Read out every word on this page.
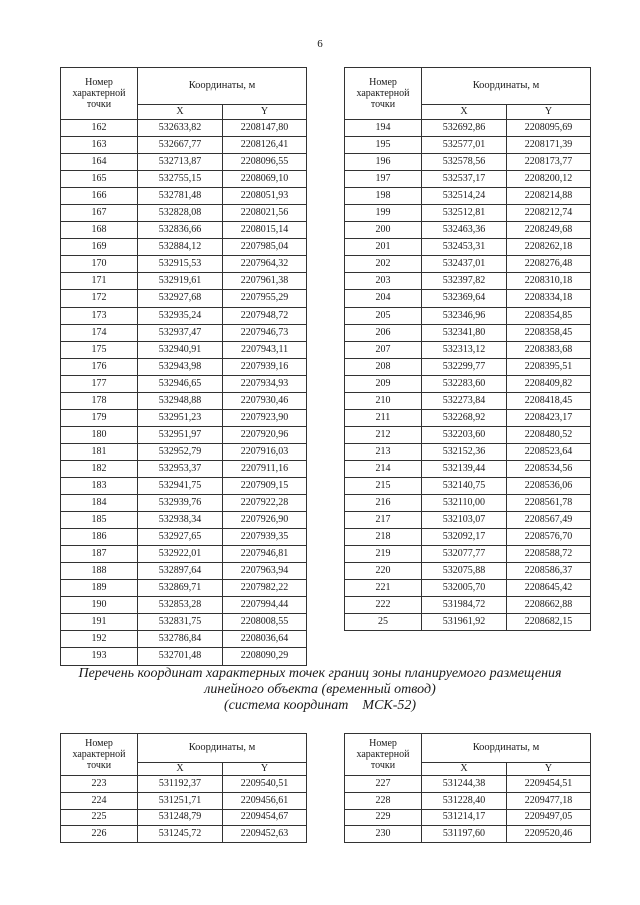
6
Номер характерной точки	Координаты, м	
	X	Y
162	532633,82	2208147,80
163	532667,77	2208126,41
164	532713,87	2208096,55
165	532755,15	2208069,10
166	532781,48	2208051,93
167	532828,08	2208021,56
168	532836,66	2208015,14
169	532884,12	2207985,04
170	532915,53	2207964,32
171	532919,61	2207961,38
172	532927,68	2207955,29
173	532935,24	2207948,72
174	532937,47	2207946,73
175	532940,91	2207943,11
176	532943,98	2207939,16
177	532946,65	2207934,93
178	532948,88	2207930,46
179	532951,23	2207923,90
180	532951,97	2207920,96
181	532952,79	2207916,03
182	532953,37	2207911,16
183	532941,75	2207909,15
184	532939,76	2207922,28
185	532938,34	2207926,90
186	532927,65	2207939,35
187	532922,01	2207946,81
188	532897,64	2207963,94
189	532869,71	2207982,22
190	532853,28	2207994,44
191	532831,75	2208008,55
192	532786,84	2208036,64
193	532701,48	2208090,29
Номер характерной точки	Координаты, м	
	X	Y
194	532692,86	2208095,69
195	532577,01	2208171,39
196	532578,56	2208173,77
197	532537,17	2208200,12
198	532514,24	2208214,88
199	532512,81	2208212,74
200	532463,36	2208249,68
201	532453,31	2208262,18
202	532437,01	2208276,48
203	532397,82	2208310,18
204	532369,64	2208334,18
205	532346,96	2208354,85
206	532341,80	2208358,45
207	532313,12	2208383,68
208	532299,77	2208395,51
209	532283,60	2208409,82
210	532273,84	2208418,45
211	532268,92	2208423,17
212	532203,60	2208480,52
213	532152,36	2208523,64
214	532139,44	2208534,56
215	532140,75	2208536,06
216	532110,00	2208561,78
217	532103,07	2208567,49
218	532092,17	2208576,70
219	532077,77	2208588,72
220	532075,88	2208586,37
221	532005,70	2208645,42
222	531984,72	2208662,88
25	531961,92	2208682,15
Перечень координат характерных точек границ зоны планируемого размещения
линейного объекта (временный отвод)
(система координат    МСК-52)
Номер характерной точки	Координаты, м	
	X	Y
223	531192,37	2209540,51
224	531251,71	2209456,61
225	531248,79	2209454,67
226	531245,72	2209452,63
Номер характерной точки	Координаты, м	
	X	Y
227	531244,38	2209454,51
228	531228,40	2209477,18
229	531214,17	2209497,05
230	531197,60	2209520,46
